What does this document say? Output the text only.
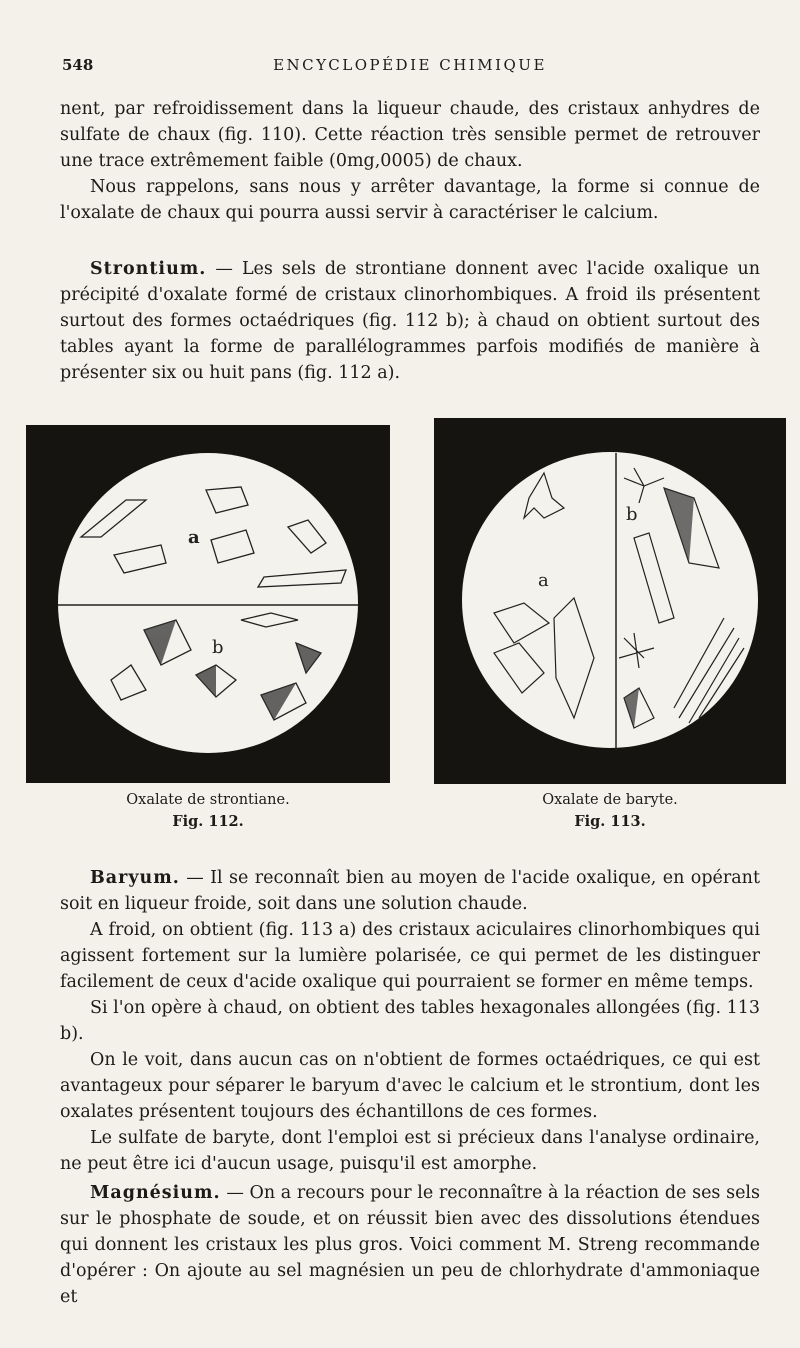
548	ENCYCLOPÉDIE CHIMIQUE

nent, par refroidissement dans la liqueur chaude, des cristaux anhydres de sulfate de chaux (fig. 110). Cette réaction très sensible permet de retrouver une trace extrêmement faible (0mg,0005) de chaux.

Nous rappelons, sans nous y arrêter davantage, la forme si connue de l'oxalate de chaux qui pourra aussi servir à caractériser le calcium.

Strontium. — Les sels de strontiane donnent avec l'acide oxalique un précipité d'oxalate formé de cristaux clinorhombiques. A froid ils présentent surtout des formes octaédriques (fig. 112 b); à chaud on obtient surtout des tables ayant la forme de parallélogrammes parfois modifiés de manière à présenter six ou huit pans (fig. 112 a).

a
b
Oxalate de strontiane.
Fig. 112.
a
b
Oxalate de baryte.
Fig. 113.

Baryum. — Il se reconnaît bien au moyen de l'acide oxalique, en opérant soit en liqueur froide, soit dans une solution chaude.

A froid, on obtient (fig. 113 a) des cristaux aciculaires clinorhombiques qui agissent fortement sur la lumière polarisée, ce qui permet de les distinguer facilement de ceux d'acide oxalique qui pourraient se former en même temps.

Si l'on opère à chaud, on obtient des tables hexagonales allongées (fig. 113 b).

On le voit, dans aucun cas on n'obtient de formes octaédriques, ce qui est avantageux pour séparer le baryum d'avec le calcium et le strontium, dont les oxalates présentent toujours des échantillons de ces formes.

Le sulfate de baryte, dont l'emploi est si précieux dans l'analyse ordinaire, ne peut être ici d'aucun usage, puisqu'il est amorphe.

Magnésium. — On a recours pour le reconnaître à la réaction de ses sels sur le phosphate de soude, et on réussit bien avec des dissolutions étendues qui donnent les cristaux les plus gros. Voici comment M. Streng recommande d'opérer : On ajoute au sel magnésien un peu de chlorhydrate d'ammoniaque et
